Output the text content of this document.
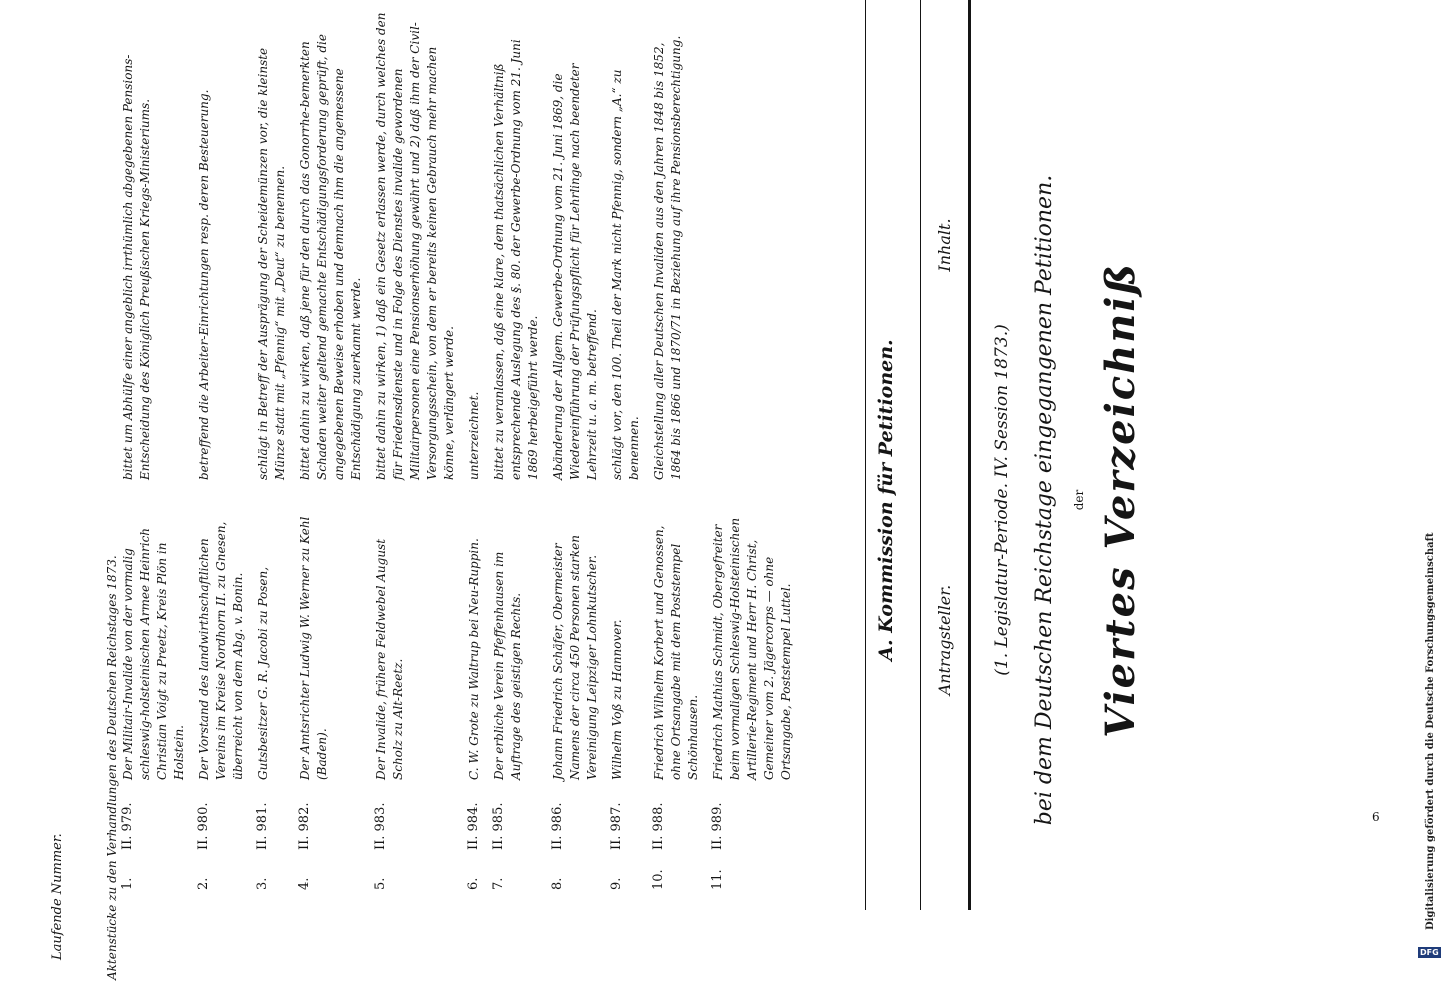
Viertes Verzeichniß
der
bei dem Deutschen Reichstage eingegangenen Petitionen.
(1. Legislatur-Periode. IV. Session 1873.)
Antragsteller.
Inhalt.
A. Kommission für Petitionen.
1.
II. 979.
Der Militair-Invalide von der vormalig schleswig-holsteinischen Armee Heinrich Christian Voigt zu Preetz, Kreis Plön in Holstein.
bittet um Abhülfe einer angeblich irrthümlich abgegebenen Pensions-Entscheidung des Königlich Preußischen Kriegs-Ministeriums.
2.
II. 980.
Der Vorstand des landwirthschaftlichen Vereins im Kreise Nordhorn II. zu Gnesen, überreicht von dem Abg. v. Bonin.
betreffend die Arbeiter-Einrichtungen resp. deren Besteuerung.
3.
II. 981.
Gutsbesitzer G. R. Jacobi zu Posen,
schlägt in Betreff der Ausprägung der Scheidemünzen vor, die kleinste Münze statt mit „Pfennig“ mit „Deut“ zu benennen.
4.
II. 982.
Der Amtsrichter Ludwig W. Werner zu Kehl (Baden).
bittet dahin zu wirken, daß jene für den durch das Gonorrhe-bemerkten Schaden weiter geltend gemachte Entschädigungsforderung geprüft, die angegebenen Beweise erhoben und demnach ihm die angemessene Entschädigung zuerkannt werde.
5.
II. 983.
Der Invalide, frühere Feldwebel August Scholz zu Alt-Reetz.
bittet dahin zu wirken, 1) daß ein Gesetz erlassen werde, durch welches den für Friedensdienste und in Folge des Dienstes invalide gewordenen Militairpersonen eine Pensionserhöhung gewährt und 2) daß ihm der Civil-Versorgungsschein, von dem er bereits keinen Gebrauch mehr machen könne, verlängert werde.
6.
II. 984.
C. W. Grote zu Waltrup bei Neu-Ruppin.
unterzeichnet.
7.
II. 985.
Der erbliche Verein Pfeffenhausen im Auftrage des geistigen Rechts.
bittet zu veranlassen, daß eine klare, dem thatsächlichen Verhältniß entsprechende Auslegung des §. 80. der Gewerbe-Ordnung vom 21. Juni 1869 herbeigeführt werde.
8.
II. 986.
Johann Friedrich Schäfer, Obermeister Namens der circa 450 Personen starken Vereinigung Leipziger Lohnkutscher.
Abänderung der Allgem. Gewerbe-Ordnung vom 21. Juni 1869, die Wiedereinführung der Prüfungspflicht für Lehrlinge nach beendeter Lehrzeit u. a. m. betreffend.
9.
II. 987.
Wilhelm Voß zu Hannover.
schlägt vor, den 100. Theil der Mark nicht Pfennig, sondern „A.“ zu benennen.
10.
II. 988.
Friedrich Wilhelm Korbert und Genossen, ohne Ortsangabe mit dem Poststempel Schönhausen.
Gleichstellung aller Deutschen Invaliden aus den Jahren 1848 bis 1852, 1864 bis 1866 und 1870/71 in Beziehung auf ihre Pensionsberechtigung.
11.
II. 989.
Friedrich Mathias Schmidt, Obergefreiter beim vormaligen Schleswig-Holsteinischen Artillerie-Regiment und Herr H. Christ, Gemeiner vom 2. Jägercorps — ohne Ortsangabe, Poststempel Luttel.
Aktenstücke zu den Verhandlungen des Deutschen Reichstages 1873.
Laufende Nummer.	DFG
Digitalisierung gefördert durch die Deutsche Forschungsgemeinschaft
6
